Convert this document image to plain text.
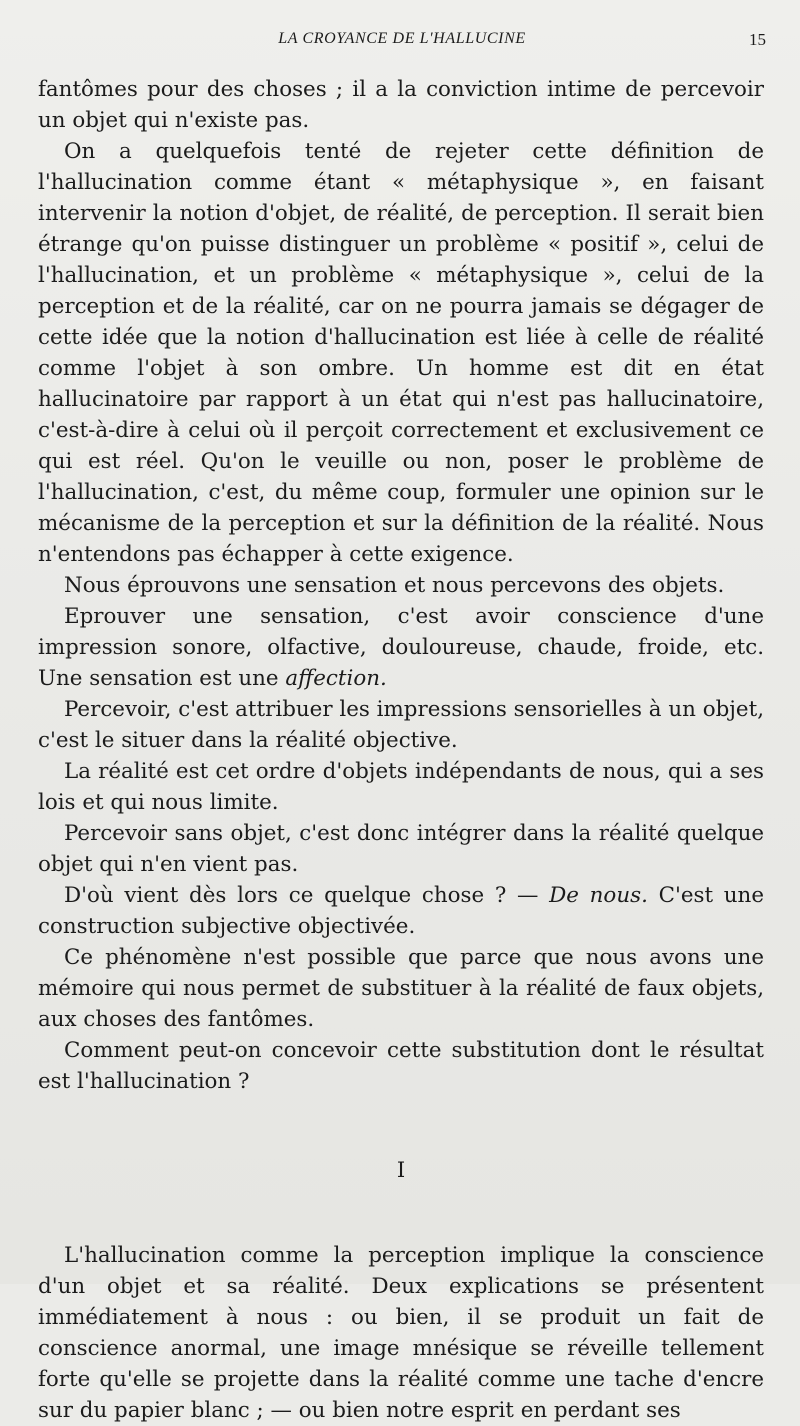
LA CROYANCE DE L'HALLUCINE	15

fantômes pour des choses ; il a la conviction intime de percevoir un objet qui n'existe pas.

On a quelquefois tenté de rejeter cette définition de l'hallucination comme étant « métaphysique », en faisant intervenir la notion d'objet, de réalité, de perception. Il serait bien étrange qu'on puisse distinguer un problème « positif », celui de l'hallucination, et un problème « métaphysique », celui de la perception et de la réalité, car on ne pourra jamais se dégager de cette idée que la notion d'hallucination est liée à celle de réalité comme l'objet à son ombre. Un homme est dit en état hallucinatoire par rapport à un état qui n'est pas hallucinatoire, c'est-à-dire à celui où il perçoit correctement et exclusivement ce qui est réel. Qu'on le veuille ou non, poser le problème de l'hallucination, c'est, du même coup, formuler une opinion sur le mécanisme de la perception et sur la définition de la réalité. Nous n'entendons pas échapper à cette exigence.

Nous éprouvons une sensation et nous percevons des objets.

Eprouver une sensation, c'est avoir conscience d'une impression sonore, olfactive, douloureuse, chaude, froide, etc. Une sensation est une affection.

Percevoir, c'est attribuer les impressions sensorielles à un objet, c'est le situer dans la réalité objective.

La réalité est cet ordre d'objets indépendants de nous, qui a ses lois et qui nous limite.

Percevoir sans objet, c'est donc intégrer dans la réalité quelque objet qui n'en vient pas.

D'où vient dès lors ce quelque chose ? — De nous. C'est une construction subjective objectivée.

Ce phénomène n'est possible que parce que nous avons une mémoire qui nous permet de substituer à la réalité de faux objets, aux choses des fantômes.

Comment peut-on concevoir cette substitution dont le résultat est l'hallucination ?

I

L'hallucination comme la perception implique la conscience d'un objet et sa réalité. Deux explications se présentent immédiatement à nous : ou bien, il se produit un fait de conscience anormal, une image mnésique se réveille tellement forte qu'elle se projette dans la réalité comme une tache d'encre sur du papier blanc ; — ou bien notre esprit en perdant ses
